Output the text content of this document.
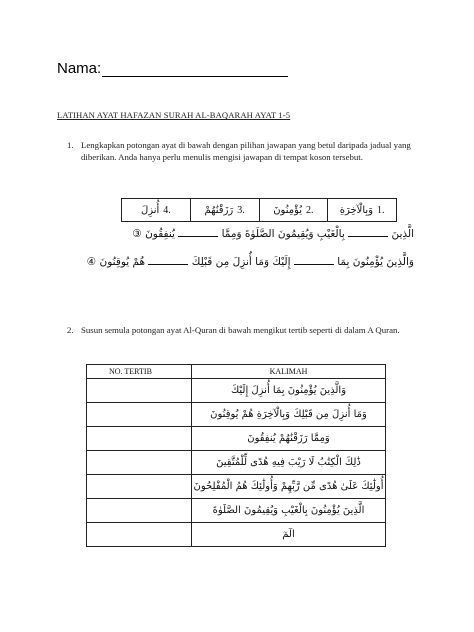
Nama:
LATIHAN AYAT HAFAZAN SURAH AL-BAQARAH AYAT 1-5
1. Lengkapkan potongan ayat di bawah dengan pilihan jawapan yang betul daripada jadual yang diberikan. Anda hanya perlu menulis mengisi jawapan di tempat koson tersebut.
أُنزِلَ 4.	رَزَقْنَٰهُمْ 3.	يُؤْمِنُونَ 2.	وَبِالْآخِرَةِ 1.
الَّذِينَ  بِالْغَيْبِ وَيُقِيمُونَ الصَّلَوٰةَ وَمِمَّا  يُنفِقُونَ ③
وَالَّذِينَ يُؤْمِنُونَ بِمَا  إِلَيْكَ وَمَا أُنزِلَ مِن قَبْلِكَ  هُمْ يُوقِنُونَ ④
2. Susun semula potongan ayat Al-Quran di bawah mengikut tertib seperti di dalam A Quran.
NO. TERTIB	KALIMAH
	وَالَّذِينَ يُؤْمِنُونَ بِمَا أُنزِلَ إِلَيْكَ
	وَمَا أُنزِلَ مِن قَبْلِكَ وَبِالْآخِرَةِ هُمْ يُوقِنُونَ
	وَمِمَّا رَزَقْنَٰهُمْ يُنفِقُونَ
	ذَٰلِكَ الْكِتَٰبُ لَا رَيْبَ فِيهِ هُدًى لِّلْمُتَّقِينَ
	أُولَٰئِكَ عَلَىٰ هُدًى مِّن رَّبِّهِمْ وَأُولَٰئِكَ هُمُ الْمُفْلِحُونَ
	الَّذِينَ يُؤْمِنُونَ بِالْغَيْبِ وَيُقِيمُونَ الصَّلَوٰةَ
	الٓمٓ
